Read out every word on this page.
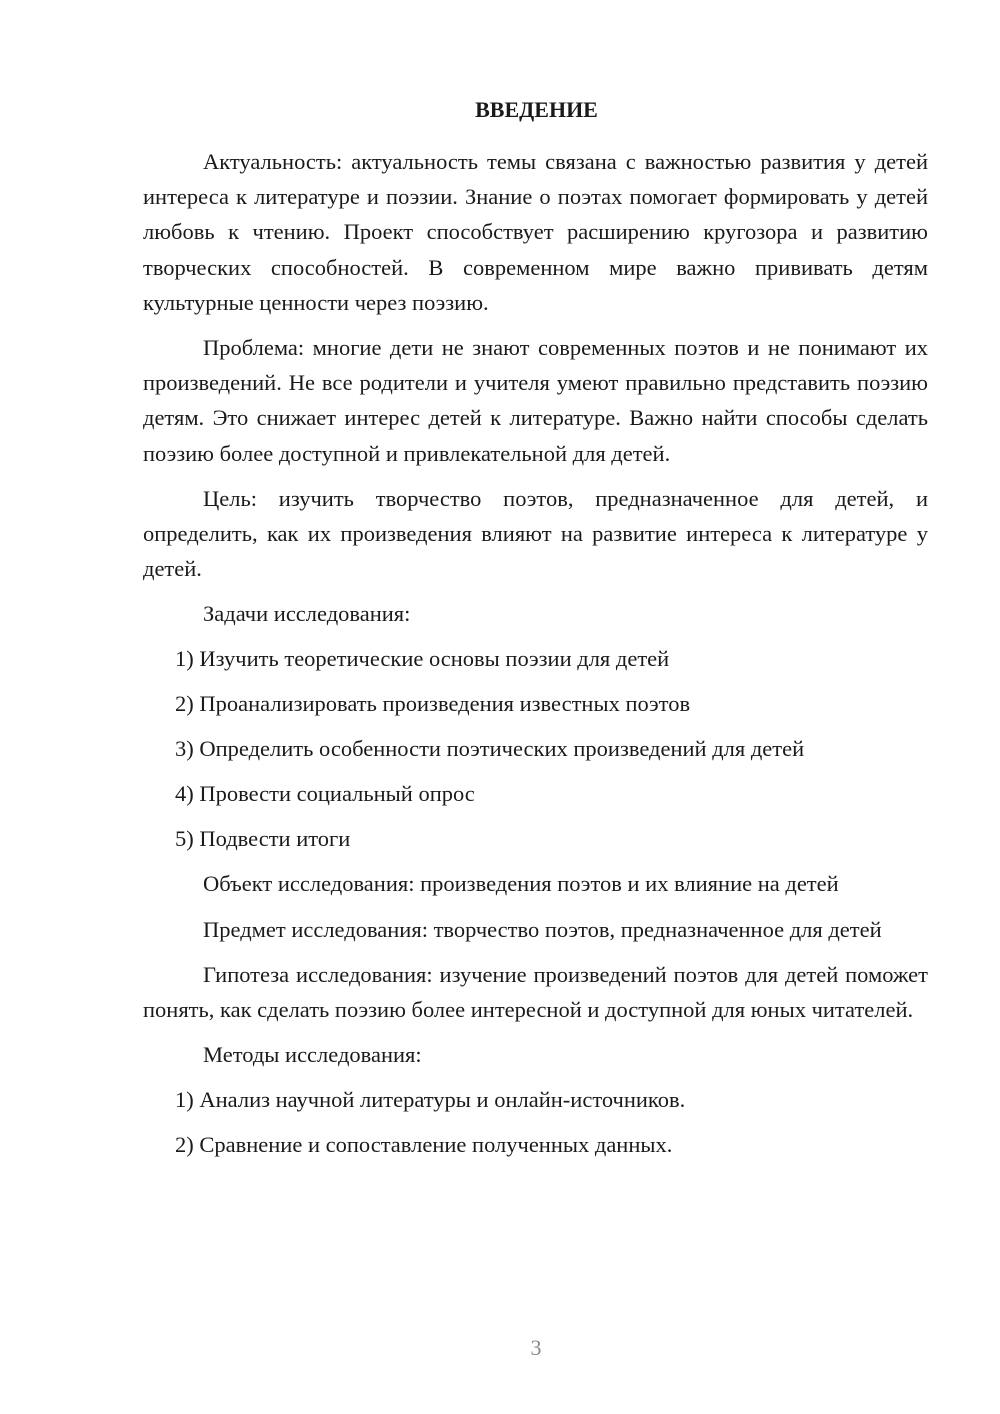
ВВЕДЕНИЕ
Актуальность: актуальность темы связана с важностью развития у детей интереса к литературе и поэзии. Знание о поэтах помогает формировать у детей любовь к чтению. Проект способствует расширению кругозора и развитию творческих способностей. В современном мире важно прививать детям культурные ценности через поэзию.
Проблема: многие дети не знают современных поэтов и не понимают их произведений. Не все родители и учителя умеют правильно представить поэзию детям. Это снижает интерес детей к литературе. Важно найти способы сделать поэзию более доступной и привлекательной для детей.
Цель: изучить творчество поэтов, предназначенное для детей, и определить, как их произведения влияют на развитие интереса к литературе у детей.
Задачи исследования:
1) Изучить теоретические основы поэзии для детей
2) Проанализировать произведения известных поэтов
3) Определить особенности поэтических произведений для детей
4) Провести социальный опрос
5) Подвести итоги
Объект исследования: произведения поэтов и их влияние на детей
Предмет исследования: творчество поэтов, предназначенное для детей
Гипотеза исследования: изучение произведений поэтов для детей поможет понять, как сделать поэзию более интересной и доступной для юных читателей.
Методы исследования:
1) Анализ научной литературы и онлайн-источников.
2) Сравнение и сопоставление полученных данных.
3
